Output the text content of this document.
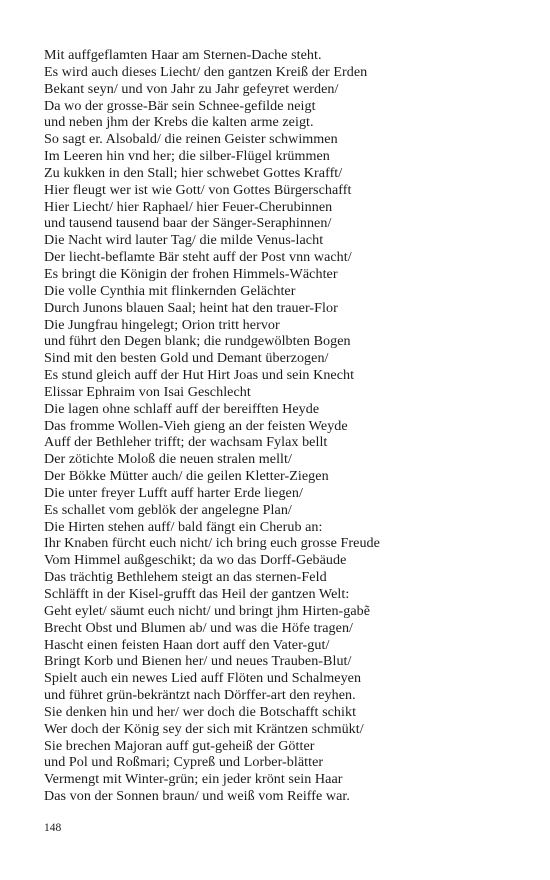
Mit auffgeflamten Haar am Sternen-Dache steht.
Es wird auch dieses Liecht/ den gantzen Kreiß der Erden
Bekant seyn/ und von Jahr zu Jahr gefeyret werden/
Da wo der grosse-Bär sein Schnee-gefilde neigt
und neben jhm der Krebs die kalten arme zeigt.
So sagt er. Alsobald/ die reinen Geister schwimmen
Im Leeren hin vnd her; die silber-Flügel krümmen
Zu kukken in den Stall; hier schwebet Gottes Krafft/
Hier fleugt wer ist wie Gott/ von Gottes Bürgerschafft
Hier Liecht/ hier Raphael/ hier Feuer-Cherubinnen
und tausend tausend baar der Sänger-Seraphinnen/
Die Nacht wird lauter Tag/ die milde Venus-lacht
Der liecht-beflamte Bär steht auff der Post vnn wacht/
Es bringt die Königin der frohen Himmels-Wächter
Die volle Cynthia mit flinkernden Gelächter
Durch Junons blauen Saal; heint hat den trauer-Flor
Die Jungfrau hingelegt; Orion tritt hervor
und führt den Degen blank; die rundgewölbten Bogen
Sind mit den besten Gold und Demant überzogen/
Es stund gleich auff der Hut Hirt Joas und sein Knecht
Elissar Ephraim von Isai Geschlecht
Die lagen ohne schlaff auff der bereifften Heyde
Das fromme Wollen-Vieh gieng an der feisten Weyde
Auff der Bethleher trifft; der wachsam Fylax bellt
Der zötichte Moloß die neuen stralen mellt/
Der Bökke Mütter auch/ die geilen Kletter-Ziegen
Die unter freyer Lufft auff harter Erde liegen/
Es schallet vom geblök der angelegne Plan/
Die Hirten stehen auff/ bald fängt ein Cherub an:
Ihr Knaben fürcht euch nicht/ ich bring euch grosse Freude
Vom Himmel außgeschikt; da wo das Dorff-Gebäude
Das trächtig Bethlehem steigt an das sternen-Feld
Schläfft in der Kisel-grufft das Heil der gantzen Welt:
Geht eylet/ säumt euch nicht/ und bringt jhm Hirten-gabẽ
Brecht Obst und Blumen ab/ und was die Höfe tragen/
Hascht einen feisten Haan dort auff den Vater-gut/
Bringt Korb und Bienen her/ und neues Trauben-Blut/
Spielt auch ein newes Lied auff Flöten und Schalmeyen
und führet grün-bekräntzt nach Dörffer-art den reyhen.
Sie denken hin und her/ wer doch die Botschafft schikt
Wer doch der König sey der sich mit Kräntzen schmükt/
Sie brechen Majoran auff gut-geheiß der Götter
und Pol und Roßmari; Cypreß und Lorber-blätter
Vermengt mit Winter-grün; ein jeder krönt sein Haar
Das von der Sonnen braun/ und weiß vom Reiffe war.
148
